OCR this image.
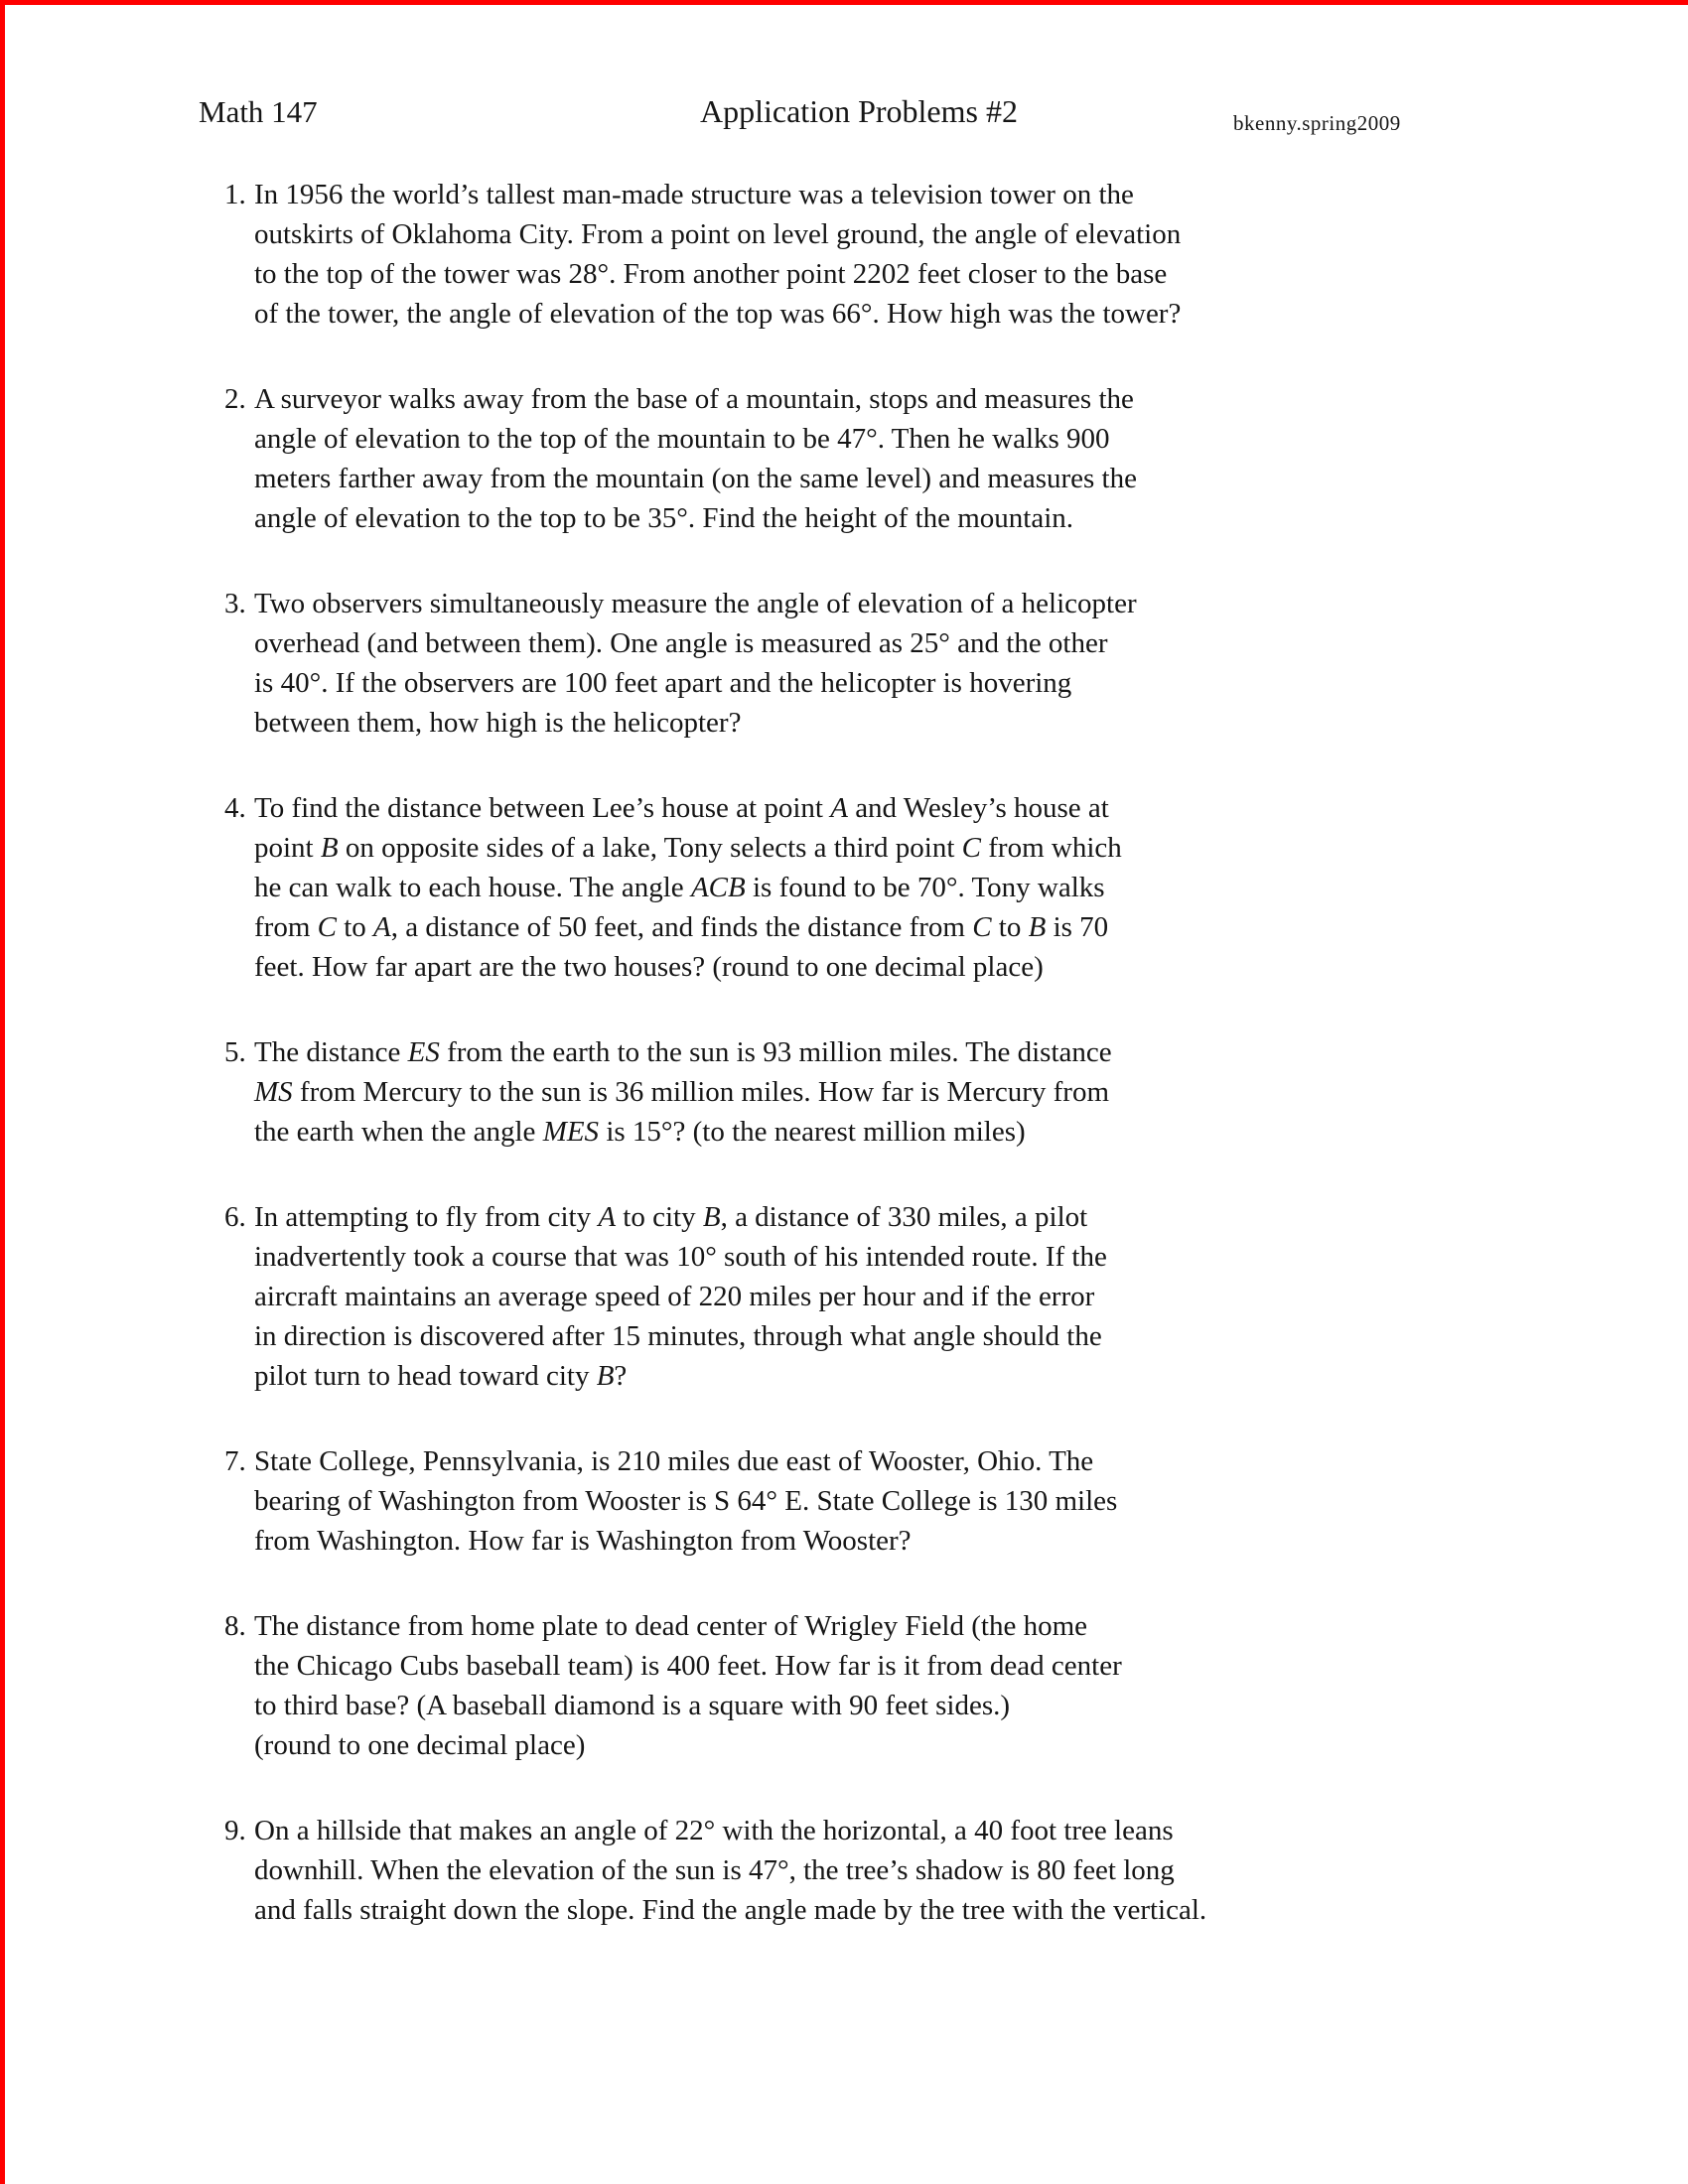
Math 147	Application Problems #2	bkenny.spring2009
1. In 1956 the world’s tallest man-made structure was a television tower on the
outskirts of Oklahoma City. From a point on level ground, the angle of elevation
to the top of the tower was 28°. From another point 2202 feet closer to the base
of the tower, the angle of elevation of the top was 66°. How high was the tower?
2. A surveyor walks away from the base of a mountain, stops and measures the
angle of elevation to the top of the mountain to be 47°. Then he walks 900
meters farther away from the mountain (on the same level) and measures the
angle of elevation to the top to be 35°. Find the height of the mountain.
3. Two observers simultaneously measure the angle of elevation of a helicopter
overhead (and between them). One angle is measured as 25° and the other
is 40°. If the observers are 100 feet apart and the helicopter is hovering
between them, how high is the helicopter?
4. To find the distance between Lee’s house at point A and Wesley’s house at
point B on opposite sides of a lake, Tony selects a third point C from which
he can walk to each house. The angle ACB is found to be 70°. Tony walks
from C to A, a distance of 50 feet, and finds the distance from C to B is 70
feet. How far apart are the two houses? (round to one decimal place)
5. The distance ES from the earth to the sun is 93 million miles. The distance
MS from Mercury to the sun is 36 million miles. How far is Mercury from
the earth when the angle MES is 15°? (to the nearest million miles)
6. In attempting to fly from city A to city B, a distance of 330 miles, a pilot
inadvertently took a course that was 10° south of his intended route. If the
aircraft maintains an average speed of 220 miles per hour and if the error
in direction is discovered after 15 minutes, through what angle should the
pilot turn to head toward city B?
7. State College, Pennsylvania, is 210 miles due east of Wooster, Ohio. The
bearing of Washington from Wooster is S 64° E. State College is 130 miles
from Washington. How far is Washington from Wooster?
8. The distance from home plate to dead center of Wrigley Field (the home
the Chicago Cubs baseball team) is 400 feet. How far is it from dead center
to third base? (A baseball diamond is a square with 90 feet sides.)
(round to one decimal place)
9. On a hillside that makes an angle of 22° with the horizontal, a 40 foot tree leans
downhill. When the elevation of the sun is 47°, the tree’s shadow is 80 feet long
and falls straight down the slope. Find the angle made by the tree with the vertical.
